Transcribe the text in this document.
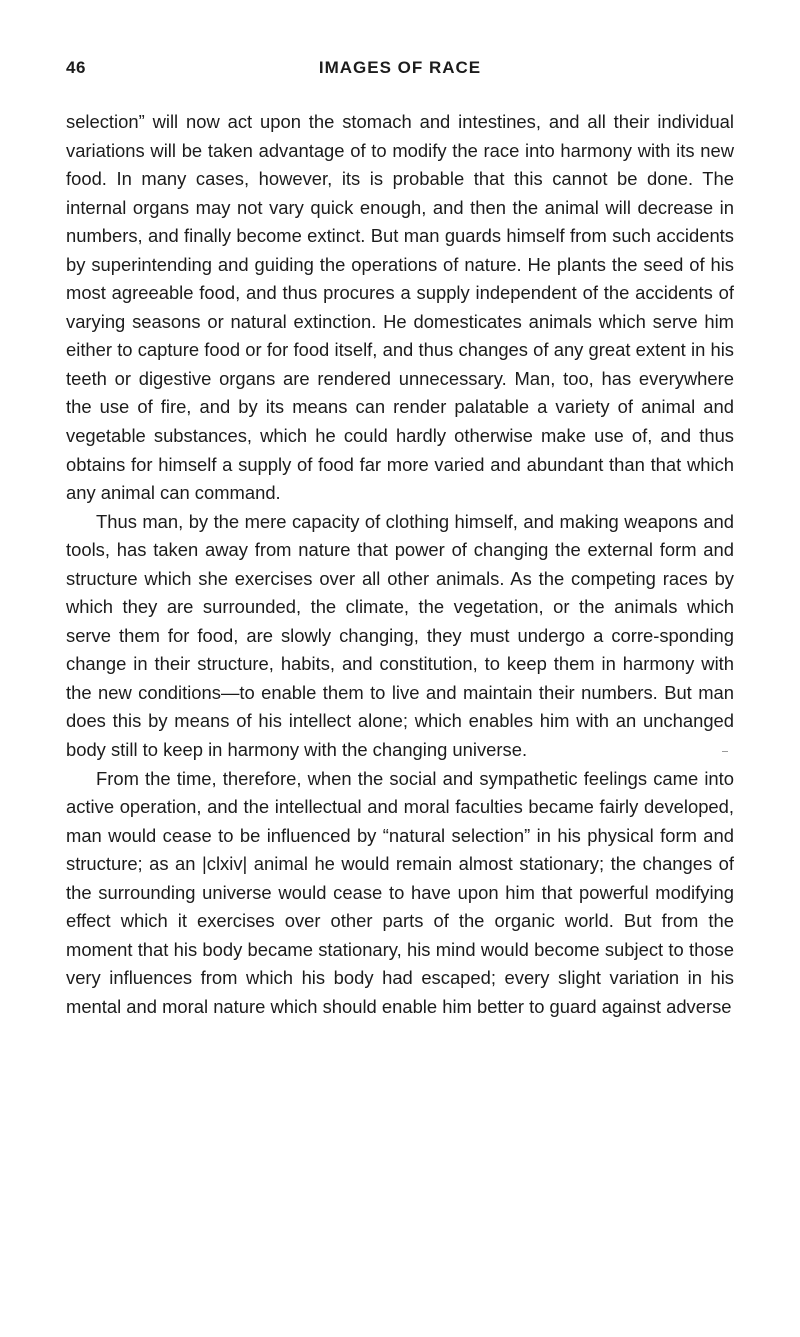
46	IMAGES OF RACE

selection” will now act upon the stomach and intestines, and all their individual variations will be taken advantage of to modify the race into harmony with its new food. In many cases, however, its is probable that this cannot be done. The internal organs may not vary quick enough, and then the animal will decrease in numbers, and finally become extinct. But man guards himself from such accidents by superintending and guiding the operations of nature. He plants the seed of his most agreeable food, and thus procures a supply independent of the accidents of varying seasons or natural extinction. He domesticates animals which serve him either to capture food or for food itself, and thus changes of any great extent in his teeth or digestive organs are rendered unnecessary. Man, too, has everywhere the use of fire, and by its means can render palatable a variety of animal and vegetable substances, which he could hardly otherwise make use of, and thus obtains for himself a supply of food far more varied and abundant than that which any animal can command.

Thus man, by the mere capacity of clothing himself, and making weapons and tools, has taken away from nature that power of changing the external form and structure which she exercises over all other animals. As the competing races by which they are surrounded, the climate, the vegetation, or the animals which serve them for food, are slowly changing, they must undergo a corre-sponding change in their structure, habits, and constitution, to keep them in harmony with the new conditions—to enable them to live and maintain their numbers. But man does this by means of his intellect alone; which enables him with an unchanged body still to keep in harmony with the changing universe.

From the time, therefore, when the social and sympathetic feelings came into active operation, and the intellectual and moral faculties became fairly developed, man would cease to be influenced by “natural selection” in his physical form and structure; as an |clxiv| animal he would remain almost stationary; the changes of the surrounding universe would cease to have upon him that powerful modifying effect which it exercises over other parts of the organic world. But from the moment that his body became stationary, his mind would become subject to those very influences from which his body had escaped; every slight variation in his mental and moral nature which should enable him better to guard against adverse
